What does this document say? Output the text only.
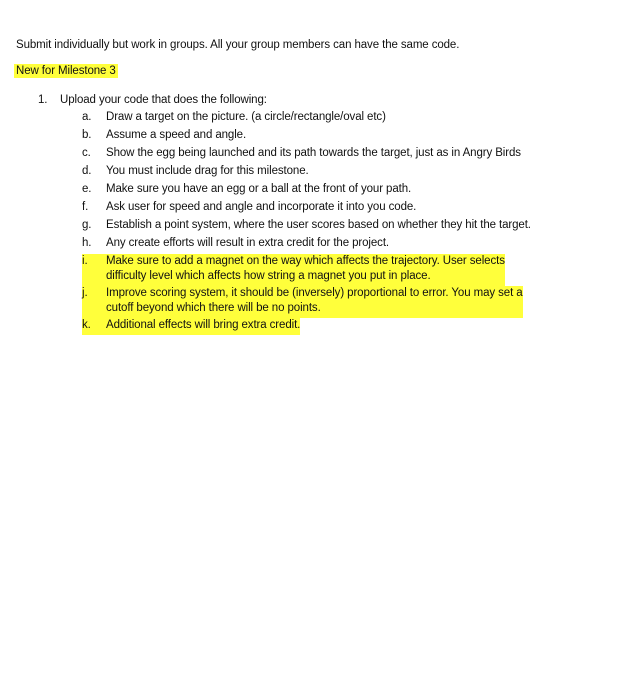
Submit individually but work in groups. All your group members can have the same code.
New for Milestone 3
1. Upload your code that does the following:
a.	Draw a target on the picture. (a circle/rectangle/oval etc)
b.	Assume a speed and angle.
c.	Show the egg being launched and its path towards the target, just as in Angry Birds
d.	You must include drag for this milestone.
e.	Make sure you have an egg or a ball at the front of your path.
f.	Ask user for speed and angle and incorporate it into you code.
g.	Establish a point system, where the user scores based on whether they hit the target.
h.	Any create efforts will result in extra credit for the project.
i.	Make sure to add a magnet on the way which affects the trajectory. User selects
difficulty level which affects how string a magnet you put in place.
j.	Improve scoring system, it should be (inversely) proportional to error. You may set a
cutoff beyond which there will be no points.
k.	Additional effects will bring extra credit.
